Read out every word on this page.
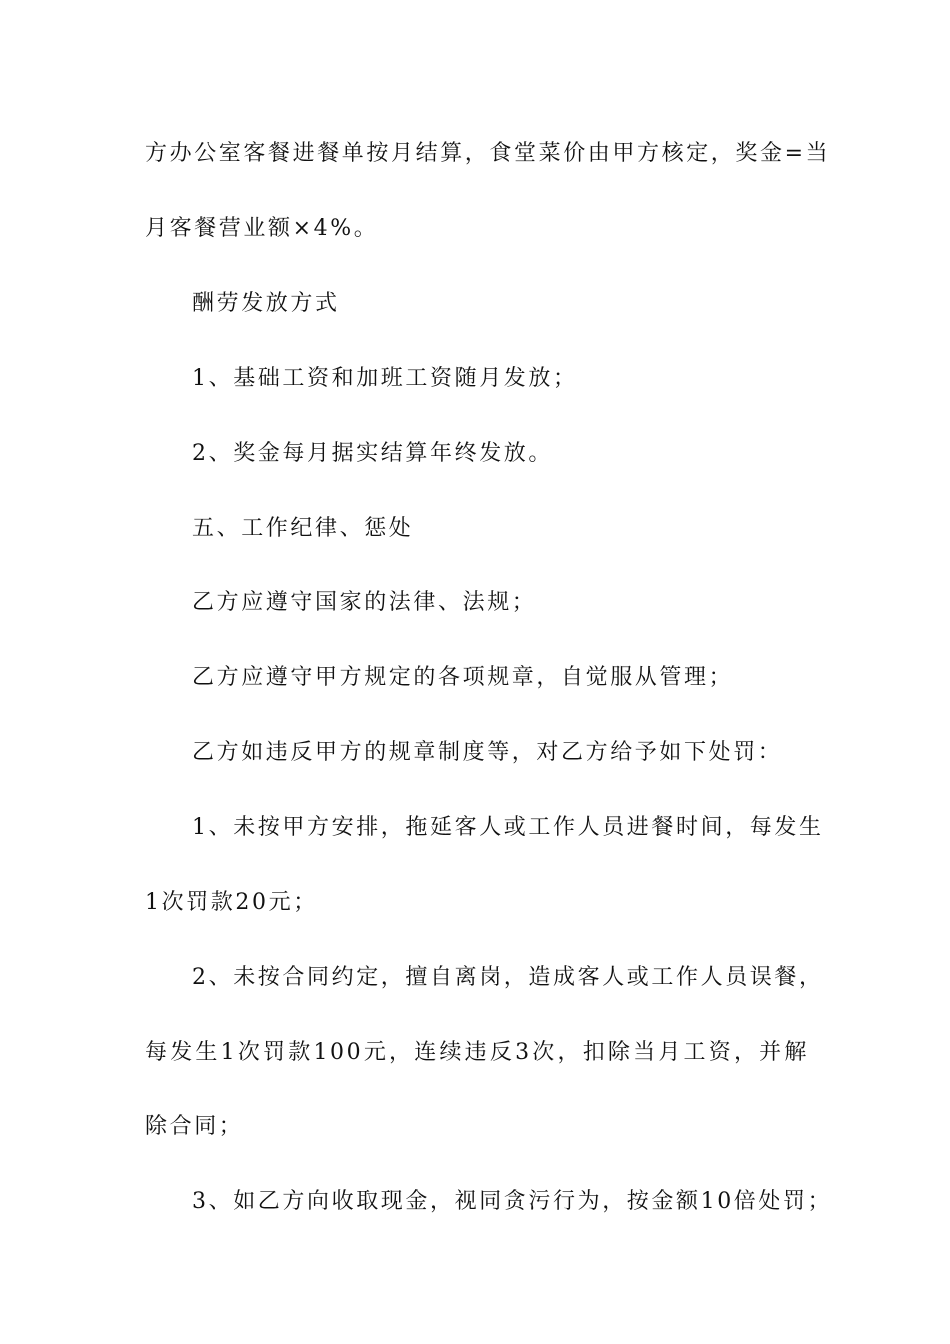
方办公室客餐进餐单按月结算，食堂菜价由甲方核定，奖金=当
月客餐营业额×4%。
酬劳发放方式
1、基础工资和加班工资随月发放；
2、奖金每月据实结算年终发放。
五、工作纪律、惩处
乙方应遵守国家的法律、法规；
乙方应遵守甲方规定的各项规章，自觉服从管理；
乙方如违反甲方的规章制度等，对乙方给予如下处罚：
1、未按甲方安排，拖延客人或工作人员进餐时间，每发生
1次罚款20元；
2、未按合同约定，擅自离岗，造成客人或工作人员误餐，
每发生1次罚款100元，连续违反3次，扣除当月工资，并解
除合同；
3、如乙方向收取现金，视同贪污行为，按金额10倍处罚；
